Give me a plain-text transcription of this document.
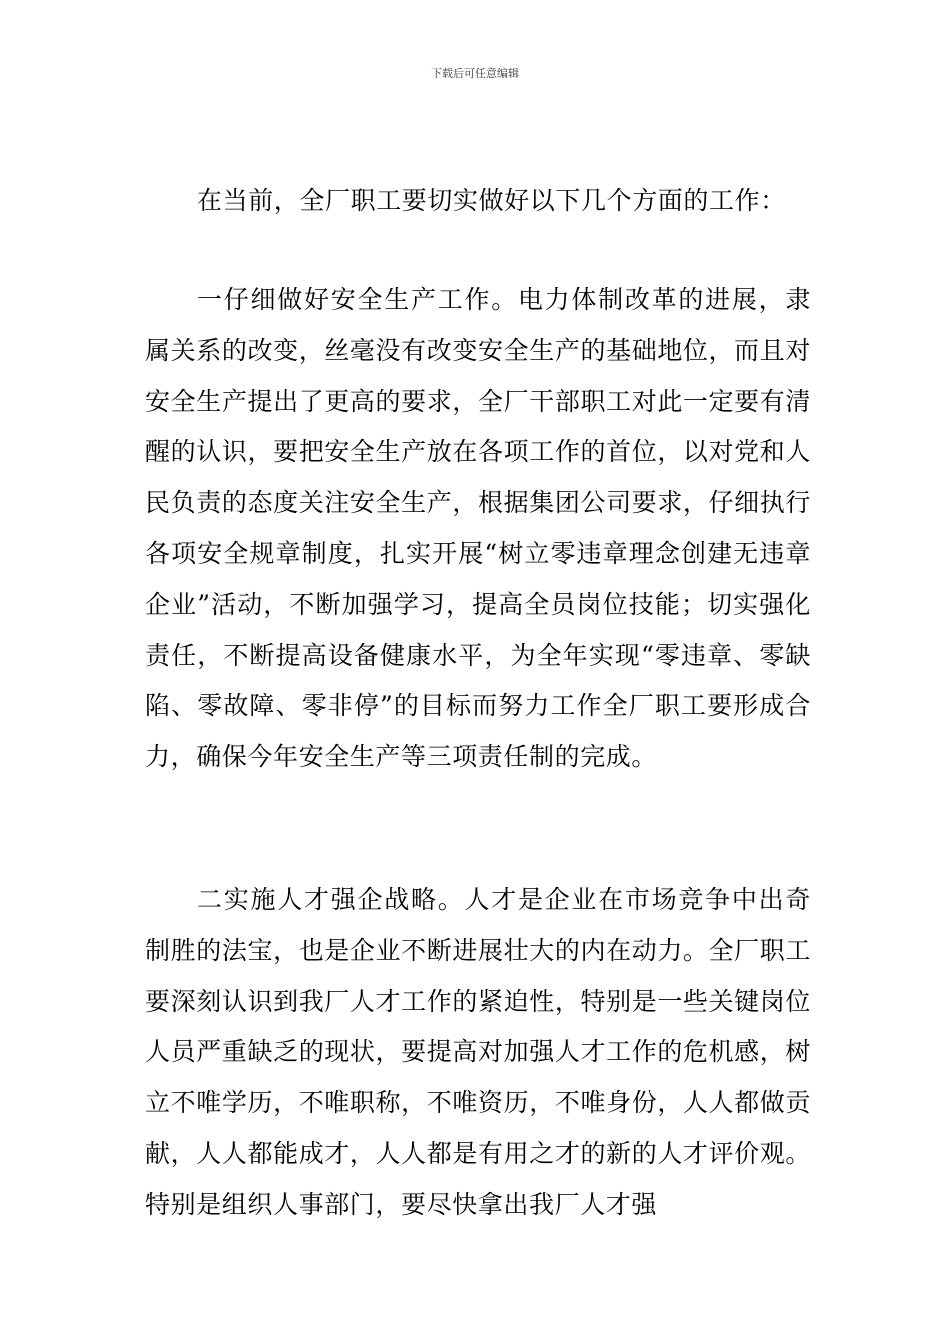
下载后可任意编辑

在当前，全厂职工要切实做好以下几个方面的工作：

一仔细做好安全生产工作。电力体制改革的进展，隶属关系的改变，丝毫没有改变安全生产的基础地位，而且对安全生产提出了更高的要求，全厂干部职工对此一定要有清醒的认识，要把安全生产放在各项工作的首位，以对党和人民负责的态度关注安全生产，根据集团公司要求，仔细执行各项安全规章制度，扎实开展“树立零违章理念创建无违章企业”活动，不断加强学习，提高全员岗位技能；切实强化责任，不断提高设备健康水平，为全年实现“零违章、零缺陷、零故障、零非停”的目标而努力工作全厂职工要形成合力，确保今年安全生产等三项责任制的完成。

二实施人才强企战略。人才是企业在市场竞争中出奇制胜的法宝，也是企业不断进展壮大的内在动力。全厂职工要深刻认识到我厂人才工作的紧迫性，特别是一些关键岗位人员严重缺乏的现状，要提高对加强人才工作的危机感，树立不唯学历，不唯职称，不唯资历，不唯身份，人人都做贡献，人人都能成才，人人都是有用之才的新的人才评价观。特别是组织人事部门，要尽快拿出我厂人才强
